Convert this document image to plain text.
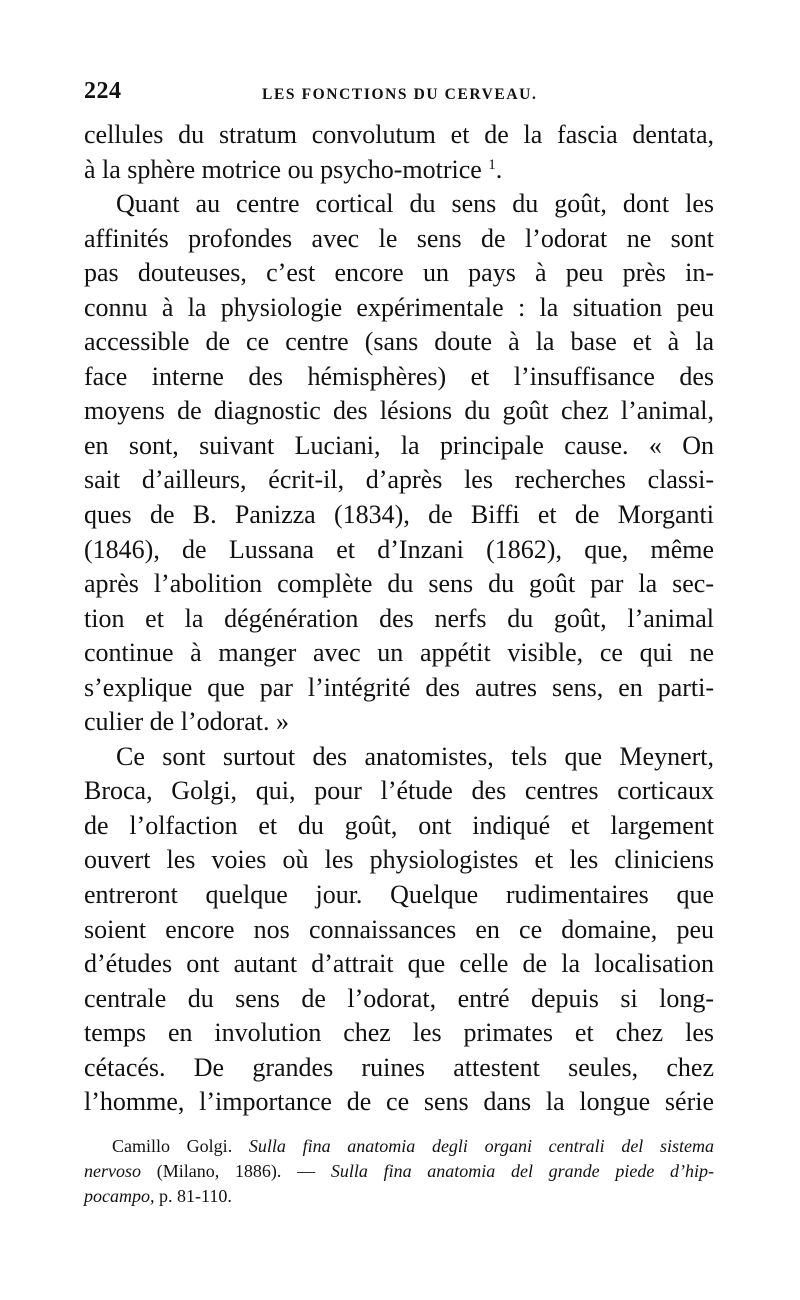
224	LES FONCTIONS DU CERVEAU.
cellules du stratum convolutum et de la fascia dentata,
à la sphère motrice ou psycho-motrice $^1$.
Quant au centre cortical du sens du goût, dont les
affinités profondes avec le sens de l’odorat ne sont
pas douteuses, c’est encore un pays à peu près in-
connu à la physiologie expérimentale : la situation peu
accessible de ce centre (sans doute à la base et à la
face interne des hémisphères) et l’insuffisance des
moyens de diagnostic des lésions du goût chez l’animal,
en sont, suivant Luciani, la principale cause. « On
sait d’ailleurs, écrit-il, d’après les recherches classi-
ques de B. Panizza (1834), de Biffi et de Morganti
(1846), de Lussana et d’Inzani (1862), que, même
après l’abolition complète du sens du goût par la sec-
tion et la dégénération des nerfs du goût, l’animal
continue à manger avec un appétit visible, ce qui ne
s’explique que par l’intégrité des autres sens, en parti-
culier de l’odorat. »
Ce sont surtout des anatomistes, tels que Meynert,
Broca, Golgi, qui, pour l’étude des centres corticaux
de l’olfaction et du goût, ont indiqué et largement
ouvert les voies où les physiologistes et les cliniciens
entreront quelque jour. Quelque rudimentaires que
soient encore nos connaissances en ce domaine, peu
d’études ont autant d’attrait que celle de la localisation
centrale du sens de l’odorat, entré depuis si long-
temps en involution chez les primates et chez les
cétacés. De grandes ruines attestent seules, chez
l’homme, l’importance de ce sens dans la longue série
Camillo Golgi. Sulla fina anatomia degli organi centrali del sistema
nervoso (Milano, 1886). — Sulla fina anatomia del grande piede d’hip-
pocampo, p. 81-110.
